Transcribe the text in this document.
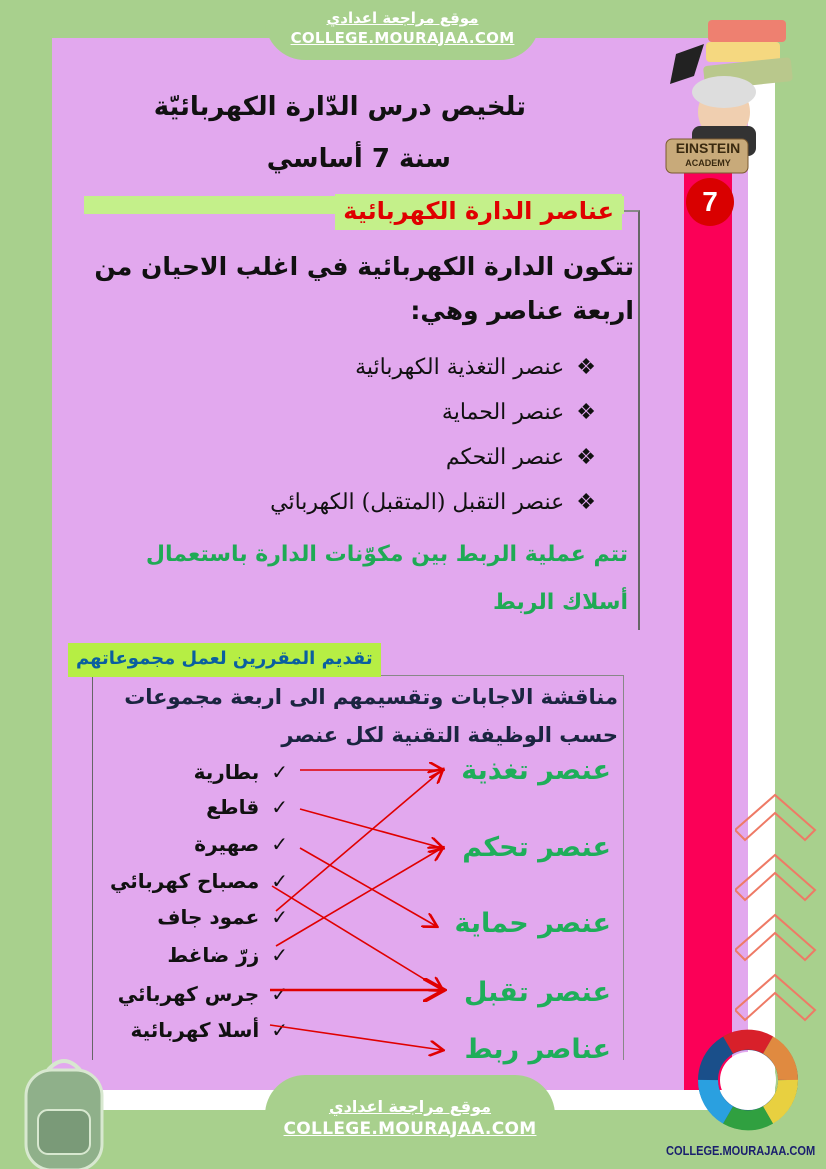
7
موقع مراجعة اعدادي
COLLEGE.MOURAJAA.COM
EINSTEIN
ACADEMY
تلخيص درس الدّارة الكهربائيّة
سنة 7 أساسي
عناصر الدارة الكهربائية
تتكون الدارة الكهربائية في اغلب الاحيان من اربعة عناصر وهي:
❖عنصر التغذية الكهربائية
❖عنصر الحماية
❖عنصر التحكم
❖عنصر التقبل (المتقبل) الكهربائي
تتم عملية الربط بين مكوّنات الدارة باستعمال أسلاك الربط
تقديم المقررين لعمل مجموعاتهم
مناقشة الاجابات وتقسيمهم الى اربعة مجموعات حسب الوظيفة التقنية لكل عنصر
✓
بطارية
✓
قاطع
✓
صهيرة
✓
مصباح كهربائي
✓
عمود جاف
✓
زرّ ضاغط
✓
جرس كهربائي
✓
أسلا كهربائية
عنصر تغذية
عنصر تحكم
عنصر حماية
عنصر تقبل
عناصر ربط
موقع مراجعة اعدادي
COLLEGE.MOURAJAA.COM
COLLEGE.MOURAJAA.COM
